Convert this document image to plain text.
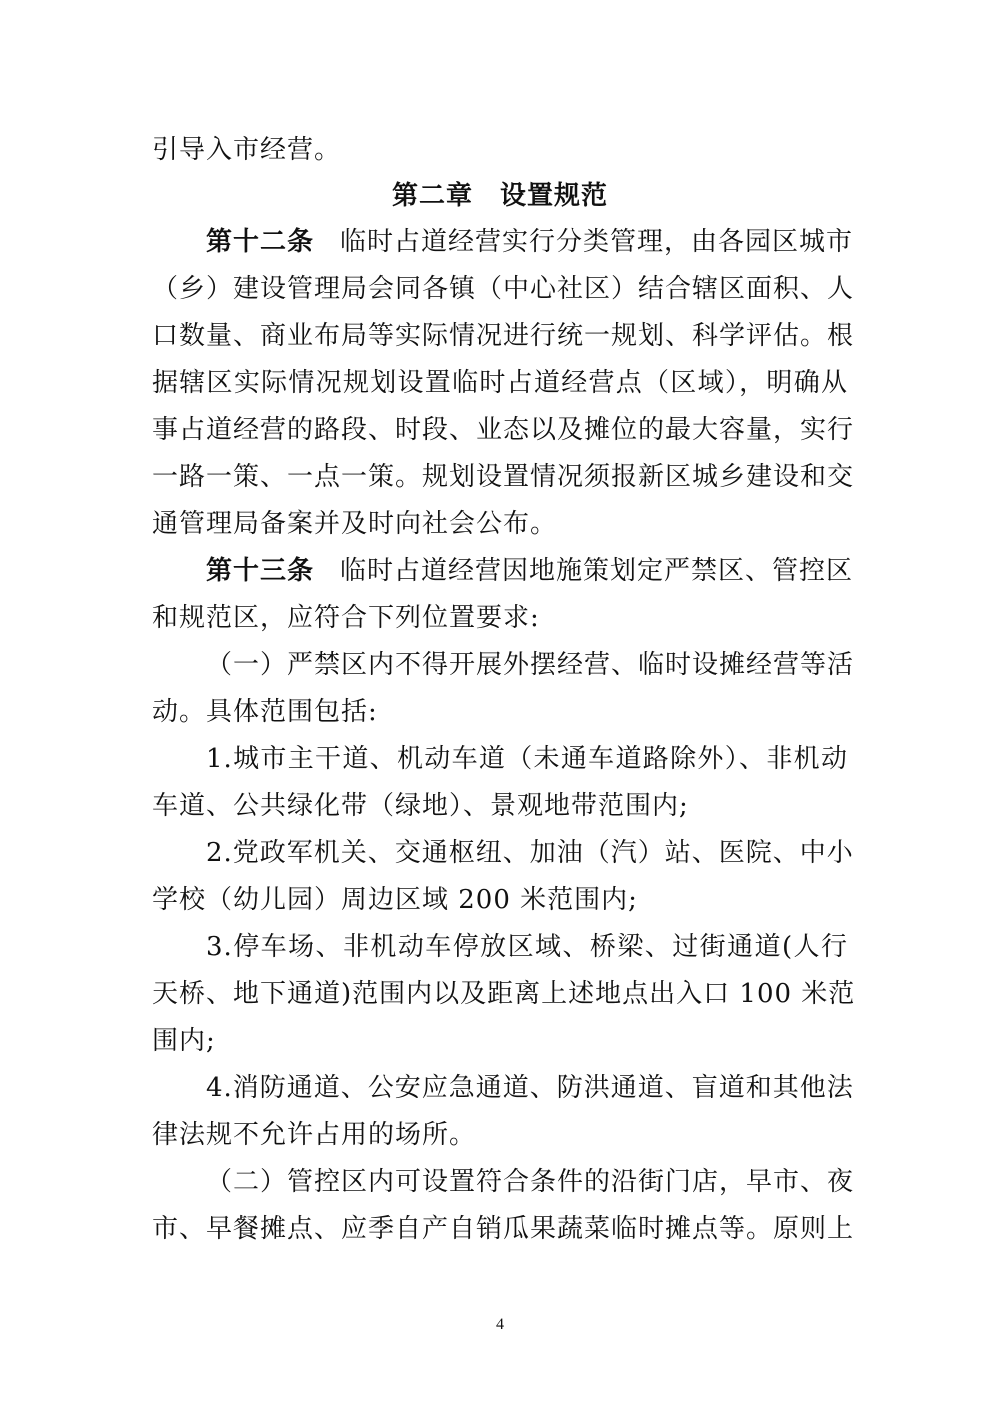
引导入市经营。
第二章　设置规范
第十二条 临时占道经营实行分类管理，由各园区城市
（乡）建设管理局会同各镇（中心社区）结合辖区面积、人
口数量、商业布局等实际情况进行统一规划、科学评估。根
据辖区实际情况规划设置临时占道经营点（区域），明确从
事占道经营的路段、时段、业态以及摊位的最大容量，实行
一路一策、一点一策。规划设置情况须报新区城乡建设和交
通管理局备案并及时向社会公布。
第十三条 临时占道经营因地施策划定严禁区、管控区
和规范区，应符合下列位置要求:
（一）严禁区内不得开展外摆经营、临时设摊经营等活
动。具体范围包括:
1.城市主干道、机动车道（未通车道路除外）、非机动
车道、公共绿化带（绿地）、景观地带范围内;
2.党政军机关、交通枢纽、加油（汽）站、医院、中小
学校（幼儿园）周边区域 200 米范围内;
3.停车场、非机动车停放区域、桥梁、过街通道(人行
天桥、地下通道)范围内以及距离上述地点出入口 100 米范
围内;
4.消防通道、公安应急通道、防洪通道、盲道和其他法
律法规不允许占用的场所。
（二）管控区内可设置符合条件的沿街门店，早市、夜
市、早餐摊点、应季自产自销瓜果蔬菜临时摊点等。原则上
4
